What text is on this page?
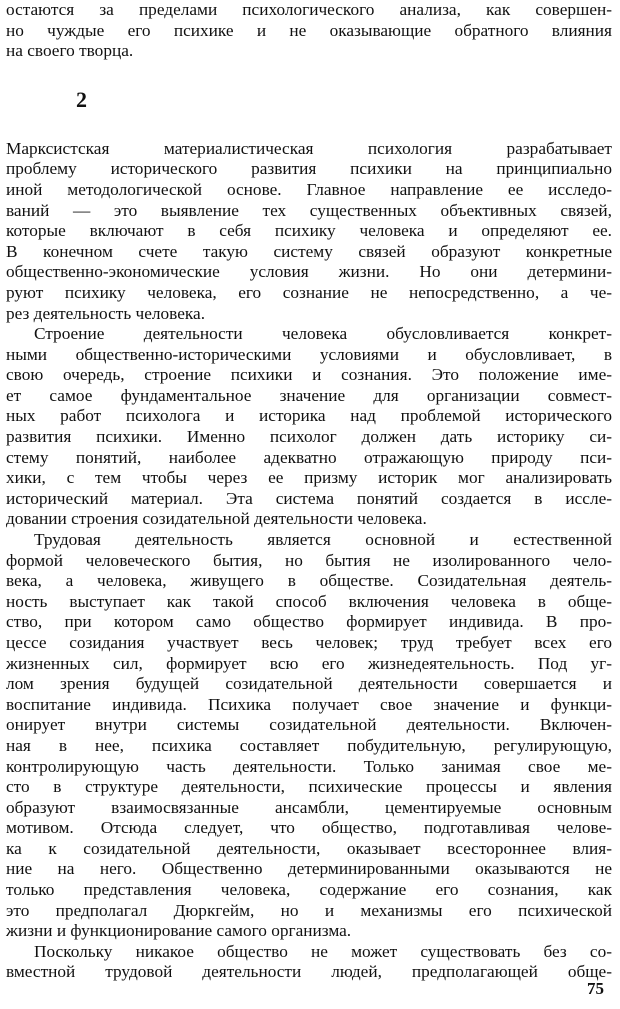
остаются за пределами психологического анализа, как совершен-
но чуждые его психике и не оказывающие обратного влияния
на своего творца.
2
Марксистская материалистическая психология разрабатывает
проблему исторического развития психики на принципиально
иной методологической основе. Главное направление ее исследо-
ваний — это выявление тех существенных объективных связей,
которые включают в себя психику человека и определяют ее.
В конечном счете такую систему связей образуют конкретные
общественно-экономические условия жизни. Но они детермини-
руют психику человека, его сознание не непосредственно, а че-
рез деятельность человека.
Строение деятельности человека обусловливается конкрет-
ными общественно-историческими условиями и обусловливает, в
свою очередь, строение психики и сознания. Это положение име-
ет самое фундаментальное значение для организации совмест-
ных работ психолога и историка над проблемой исторического
развития психики. Именно психолог должен дать историку си-
стему понятий, наиболее адекватно отражающую природу пси-
хики, с тем чтобы через ее призму историк мог анализировать
исторический материал. Эта система понятий создается в иссле-
довании строения созидательной деятельности человека.
Трудовая деятельность является основной и естественной
формой человеческого бытия, но бытия не изолированного чело-
века, а человека, живущего в обществе. Созидательная деятель-
ность выступает как такой способ включения человека в обще-
ство, при котором само общество формирует индивида. В про-
цессе созидания участвует весь человек; труд требует всех его
жизненных сил, формирует всю его жизнедеятельность. Под уг-
лом зрения будущей созидательной деятельности совершается и
воспитание индивида. Психика получает свое значение и функци-
онирует внутри системы созидательной деятельности. Включен-
ная в нее, психика составляет побудительную, регулирующую,
контролирующую часть деятельности. Только занимая свое ме-
сто в структуре деятельности, психические процессы и явления
образуют взаимосвязанные ансамбли, цементируемые основным
мотивом. Отсюда следует, что общество, подготавливая челове-
ка к созидательной деятельности, оказывает всестороннее влия-
ние на него. Общественно детерминированными оказываются не
только представления человека, содержание его сознания, как
это предполагал Дюркгейм, но и механизмы его психической
жизни и функционирование самого организма.
Поскольку никакое общество не может существовать без со-
вместной трудовой деятельности людей, предполагающей обще-
75
